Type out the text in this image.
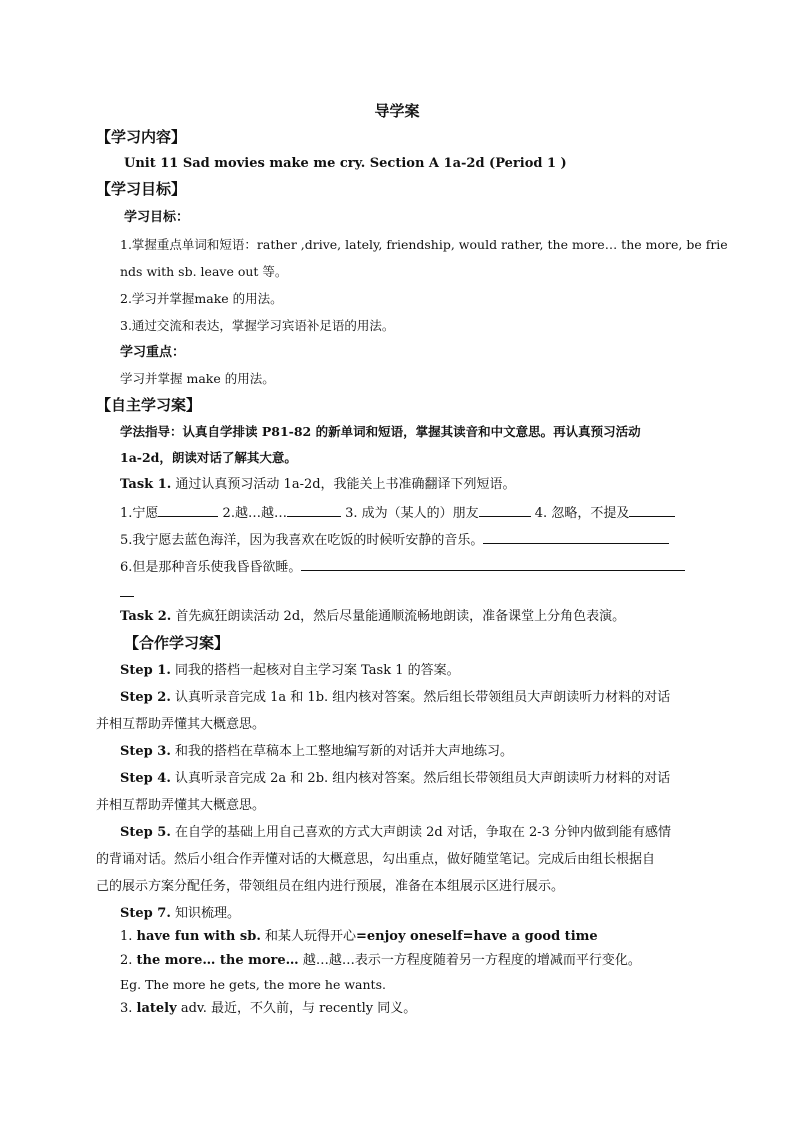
导学案
【学习内容】
Unit 11 Sad movies make me cry. Section A 1a-2d (Period 1 )
【学习目标】
学习目标：
1.掌握重点单词和短语：rather ,drive, lately, friendship, would rather, the more… the more, be frie
nds with sb. leave out 等。
2.学习并掌握make 的用法。
3.通过交流和表达，掌握学习宾语补足语的用法。
学习重点：
学习并掌握 make 的用法。
【自主学习案】
学法指导：认真自学排读 P81-82 的新单词和短语，掌握其读音和中文意思。再认真预习活动
1a-2d，朗读对话了解其大意。
Task 1. 通过认真预习活动 1a-2d，我能关上书准确翻译下列短语。
1.宁愿	2.越…越…	3. 成为（某人的）朋友	4. 忽略，不提及
5.我宁愿去蓝色海洋，因为我喜欢在吃饭的时候听安静的音乐。
6.但是那种音乐使我昏昏欲睡。
Task 2. 首先疯狂朗读活动 2d，然后尽量能通顺流畅地朗读，准备课堂上分角色表演。
【合作学习案】
Step 1. 同我的搭档一起核对自主学习案 Task 1 的答案。
Step 2. 认真听录音完成 1a 和 1b. 组内核对答案。然后组长带领组员大声朗读听力材料的对话
并相互帮助弄懂其大概意思。
Step 3. 和我的搭档在草稿本上工整地编写新的对话并大声地练习。
Step 4. 认真听录音完成 2a 和 2b. 组内核对答案。然后组长带领组员大声朗读听力材料的对话
并相互帮助弄懂其大概意思。
Step 5. 在自学的基础上用自己喜欢的方式大声朗读 2d 对话，争取在 2-3 分钟内做到能有感情
的背诵对话。然后小组合作弄懂对话的大概意思，勾出重点，做好随堂笔记。完成后由组长根据自
己的展示方案分配任务，带领组员在组内进行预展，准备在本组展示区进行展示。
Step 7. 知识梳理。
1. have fun with sb. 和某人玩得开心=enjoy oneself=have a good time
2. the more… the more… 越…越…表示一方程度随着另一方程度的增减而平行变化。
Eg. The more he gets, the more he wants.
3. lately adv. 最近，不久前，与 recently 同义。
